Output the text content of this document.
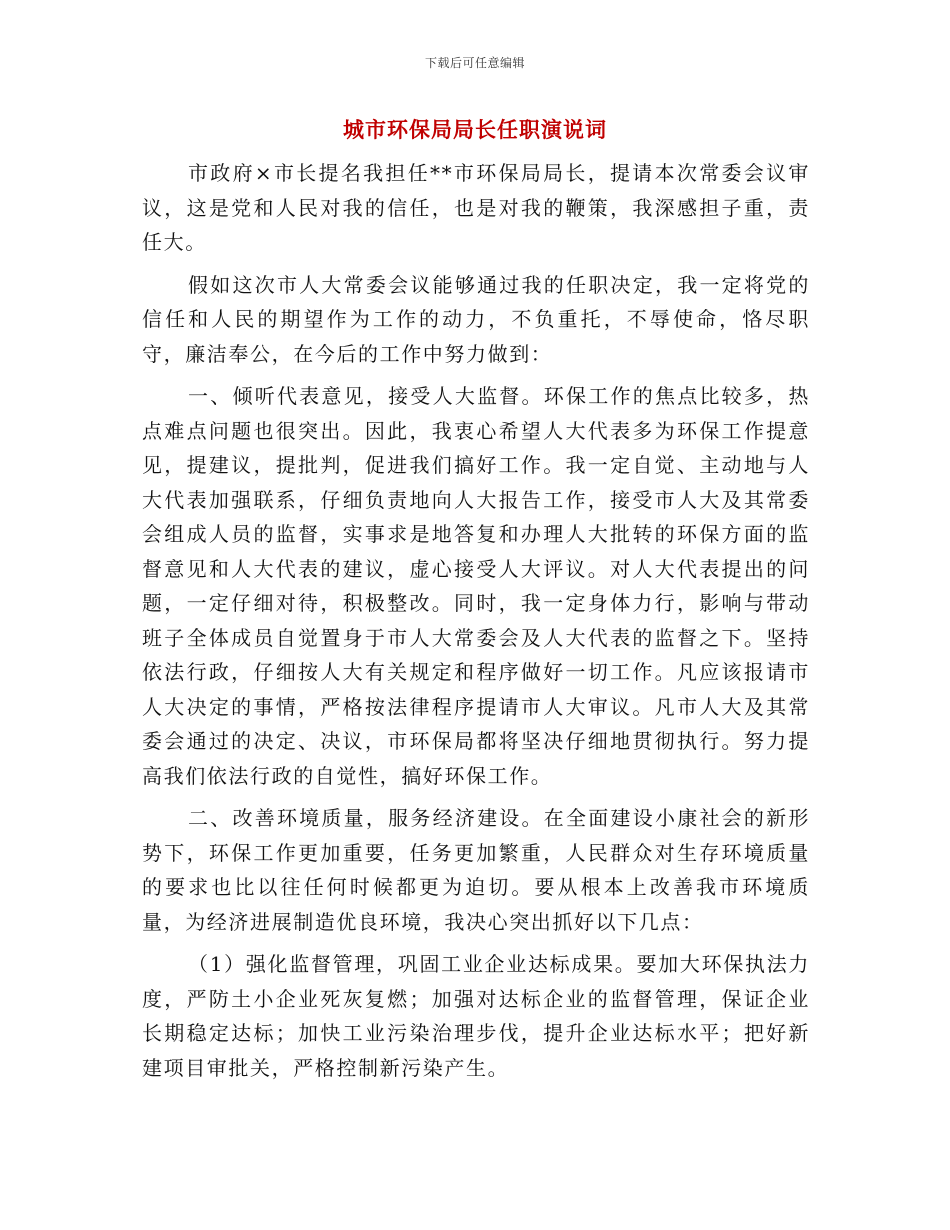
下载后可任意编辑
城市环保局局长任职演说词

市政府×市长提名我担任**市环保局局长，提请本次常委会议审议，这是党和人民对我的信任，也是对我的鞭策，我深感担子重，责任大。

假如这次市人大常委会议能够通过我的任职决定，我一定将党的信任和人民的期望作为工作的动力，不负重托，不辱使命，恪尽职守，廉洁奉公，在今后的工作中努力做到：

一、倾听代表意见，接受人大监督。环保工作的焦点比较多，热点难点问题也很突出。因此，我衷心希望人大代表多为环保工作提意见，提建议，提批判，促进我们搞好工作。我一定自觉、主动地与人大代表加强联系，仔细负责地向人大报告工作，接受市人大及其常委会组成人员的监督，实事求是地答复和办理人大批转的环保方面的监督意见和人大代表的建议，虚心接受人大评议。对人大代表提出的问题，一定仔细对待，积极整改。同时，我一定身体力行，影响与带动班子全体成员自觉置身于市人大常委会及人大代表的监督之下。坚持依法行政，仔细按人大有关规定和程序做好一切工作。凡应该报请市人大决定的事情，严格按法律程序提请市人大审议。凡市人大及其常委会通过的决定、决议，市环保局都将坚决仔细地贯彻执行。努力提高我们依法行政的自觉性，搞好环保工作。

二、改善环境质量，服务经济建设。在全面建设小康社会的新形势下，环保工作更加重要，任务更加繁重，人民群众对生存环境质量的要求也比以往任何时候都更为迫切。要从根本上改善我市环境质量，为经济进展制造优良环境，我决心突出抓好以下几点：

（1）强化监督管理，巩固工业企业达标成果。要加大环保执法力度，严防土小企业死灰复燃；加强对达标企业的监督管理，保证企业长期稳定达标；加快工业污染治理步伐，提升企业达标水平；把好新建项目审批关，严格控制新污染产生。
